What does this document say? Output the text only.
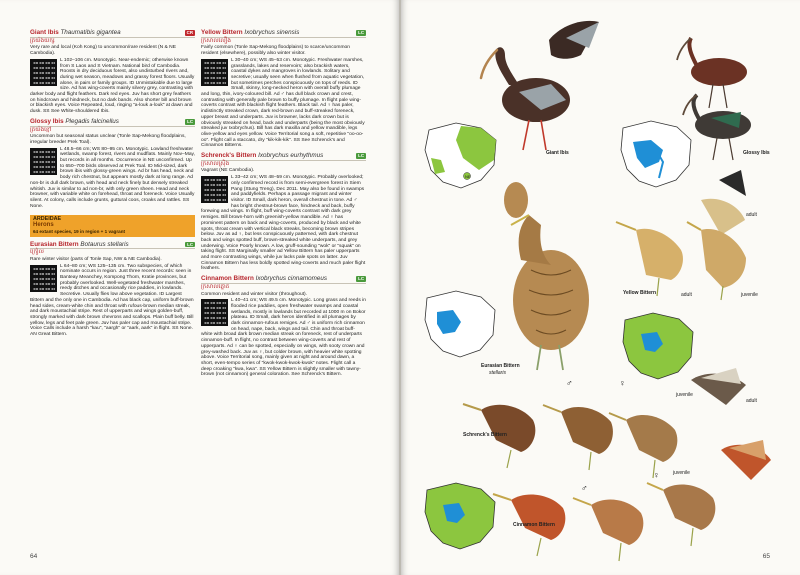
Giant Ibis Thaumatibis gigantea	CR
ត្រយ៉ងយក្ស
Very rare and local (Koh Kong) to uncommon/rare resident (N & NE Cambodia).
L 102–106 cm. Monotypic. Near-endemic; otherwise known from S Laos and S Vietnam. National bird of Cambodia. Roosts in dry deciduous forest, also undisturbed rivers and, during wet season, meadows and grassy forest floors. Usually alone, in pairs or family groups. ID Unmistakable due to large size. Ad has wing-coverts mainly silvery grey, contrasting with darker body and flight feathers. Dark red eyes. Juv has short grey feathers on hindcrown and hindneck, but no dark bands. Also shorter bill and brown or blackish eyes. Voice Repeated, loud, ringing "a-louk a-louk" at dawn and dusk. SS See White-shouldered Ibis.
Glossy Ibis Plegadis falcinellus	LC
ត្រយ៉ងខ្មៅ
Uncommon but seasonal status unclear (Tonle Sap-Mekong floodplains, irregular breeder Prek Toal).
L 48.5–66 cm; WS 80–95 cm. Monotypic. Lowland freshwater wetlands, swamp forest, rivers and mudflats. Mainly Nov–May, but records in all months. Occurrence in NE unconfirmed. Up to 650–700 birds observed at Prek Toal. ID Mid-sized, dark brown ibis with glossy-green wings. Ad br has head, neck and body rich chestnut, but appears mostly dark at long range. Ad non-br is dull dark brown, with head and neck finely but densely streaked whitish. Juv is similar to ad non-br, with only green sheen. Head and neck browner, with variable white on forehead, throat and foreneck. Voice Usually silent. At colony, calls include grunts, guttural coos, croaks and rattles. SS None.
ARDEIDAE
Herons
64 extant species, 19 in region + 1 vagrant
Eurasian Bittern Botaurus stellaris	LC
ក្រៀល
Rare winter visitor (parts of Tonle Sap, NW & NE Cambodia).
L 64–80 cm; WS 125–135 cm. Two subspecies, of which nominate occurs in region. Just three recent records: seen in Banteay Meanchey, Kompong Thom, Kratie provinces, but probably overlooked. Well-vegetated freshwater marshes, reedy ditches and occasionally rice paddies, in lowlands. Secretive. Usually flies low above vegetation. ID Largest Bittern and the only one in Cambodia. Ad has black cap, uniform buff-brown head sides, cream-white chin and throat with rufous-brown median streak, and dark moustachial stripe. Rest of upperparts and wings golden-buff, strongly marked with dark brown chevrons and scallops. Plain buff belly. Bill yellow, legs and feet pale green. Juv has paler cap and moustachial stripe. Voice Calls include a harsh "kau", "aargh" or "aark, aark" in flight. SS None. AN Great Bittern.
Yellow Bittern Ixobrychus sinensis	LC
ក្រសាលលឿង
Fairly common (Tonle Sap-Mekong floodplains) to scarce/uncommon resident (elsewhere), possibly also winter visitor.
L 30–40 cm; WS 45–53 cm. Monotypic. Freshwater marshes, grasslands, lakes and reservoirs; also brackish waters, coastal dykes and mangroves in lowlands. Solitary and secretive; usually seen when flushed from aquatic vegetation, but sometimes perches conspicuously on tops of reeds. ID Small, skinny, long-necked heron with overall buffy plumage and long, thin, ivory-coloured bill. Ad ♂ has dull black crown and crest, contrasting with generally pale brown to buffy plumage. In flight pale wing-coverts contrast with blackish flight feathers. Black tail. Ad ♀ has paler, indistinctly streaked crown, dark red-brown and buff-streaked foreneck, upper breast and underparts. Juv is browner, lacks dark crown but is obviously streaked on head, back and underparts (being the most obviously streaked juv Ixobrychus). Bill has dark maxilla and yellow mandible, legs olive-yellow and eyes yellow. Voice Territorial song a soft, repetitive "oo-oo-oo". Flight call a staccato, dry "kik-kik-kik". SS See Schrenck's and Cinnamon Bitterns.
Schrenck's Bittern Ixobrychus eurhythmus	LC
ក្រសាលស្រ៊ិង
Vagrant (NE Cambodia).
L 33–42 cm; WS 48–59 cm. Monotypic. Probably overlooked; only confirmed record is from semi-evergreen forest in Siem Pang (Stung Treng), Dec 2011. May also be found in swamps and paddyfields. Perhaps a passage migrant and winter visitor. ID Small, dark heron, overall chestnut in tone. Ad ♂ has bright chestnut-brown face, hindneck and back, buffy forewing and wings. In flight, buff wing-coverts contrast with dark grey remiges. Bill brown-horn with greenish-yellow mandible. Ad ♀ has prominent pattern on back and wing-coverts, produced by black and white spots, throat cream with vertical black streaks, becoming brown stripes below. Juv as ad ♀, but less conspicuously patterned, with dark chestnut back and wings spotted buff, brown-streaked white underparts, and grey underwing. Voice Poorly known. A low, gruff-sounding "wok" or "squak" on taking flight. SS Marginally smaller ad Yellow Bittern has paler upperparts and more contrasting wings, while juv lacks pale spots on latter. Juv Cinnamon Bittern has less boldly spotted wing-coverts and much paler flight feathers.
Cinnamon Bittern Ixobrychus cinnamomeus	LC
ក្រសាលត្នោត
Common resident and winter visitor (throughout).
L 40–41 cm; WS 49.5 cm. Monotypic. Long grass and reeds in flooded rice paddies, open freshwater swamps and coastal wetlands, mostly in lowlands but recorded at 1000 m on Bokor plateau. ID Small, dark heron identified in all plumages by dark cinnamon-rufous remiges. Ad ♂ is uniform rich cinnamon on head, nape, back, wings and tail. Chin and throat buff-white with broad dark brown median streak on foreneck, rest of underparts cinnamon-buff. In flight, no contrast between wing-coverts and rest of upperparts. Ad ♀ can be spotted, especially on wings, with sooty crown and grey-washed back. Juv as ♀, but colder brown, with heavier white spotting above. Voice Territorial song, mainly given at night and around dawn, a short, even-tempo series of "kwok-kwok-kwok-kwok" notes. Flight call a deep croaking "kwa, kwa". SS Yellow Bittern is slightly smaller with tawny-brown (not cinnamon) general coloration. See Schrenck's Bittern.
64
Giant Ibis	Glossy Ibis
NE
adult
Yellow Bittern	adult	juvenile
Eurasian Bittern
stellaris
♂	♀
juvenile
adult
Schrenck's Bittern
♂
♀	juvenile
Cinnamon Bittern
65
